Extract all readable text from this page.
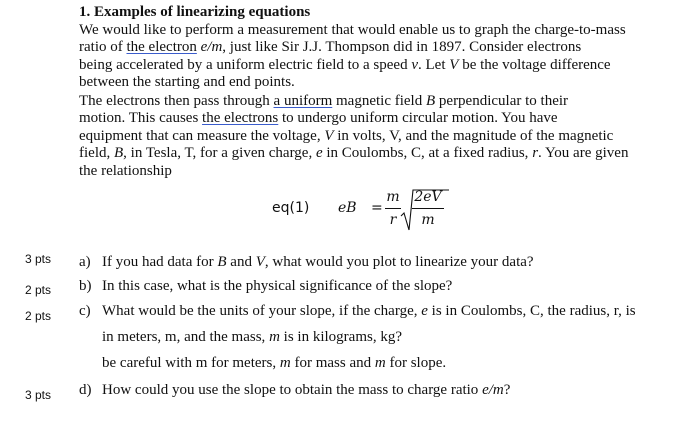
1. Examples of linearizing equations
We would like to perform a measurement that would enable us to graph the charge-to-mass
ratio of the electron e/m, just like Sir J.J. Thompson did in 1897. Consider electrons
being accelerated by a uniform electric field to a speed v. Let V be the voltage difference
between the starting and end points.
The electrons then pass through a uniform magnetic field B perpendicular to their
motion. This causes the electrons to undergo uniform circular motion. You have
equipment that can measure the voltage, V in volts, V, and the magnitude of the magnetic
field, B, in Tesla, T, for a given charge, e in Coulombs, C, at a fixed radius, r. You are given
the relationship
eq(1) eB =
m
r
2eV
m
3 pts a) If you had data for B and V, what would you plot to linearize your data?
2 pts b) In this case, what is the physical significance of the slope?
2 pts c) What would be the units of your slope, if the charge, e is in Coulombs, C, the radius, r, is
in meters, m, and the mass, m is in kilograms, kg?
be careful with m for meters, m for mass and m for slope.
3 pts d) How could you use the slope to obtain the mass to charge ratio e/m?
